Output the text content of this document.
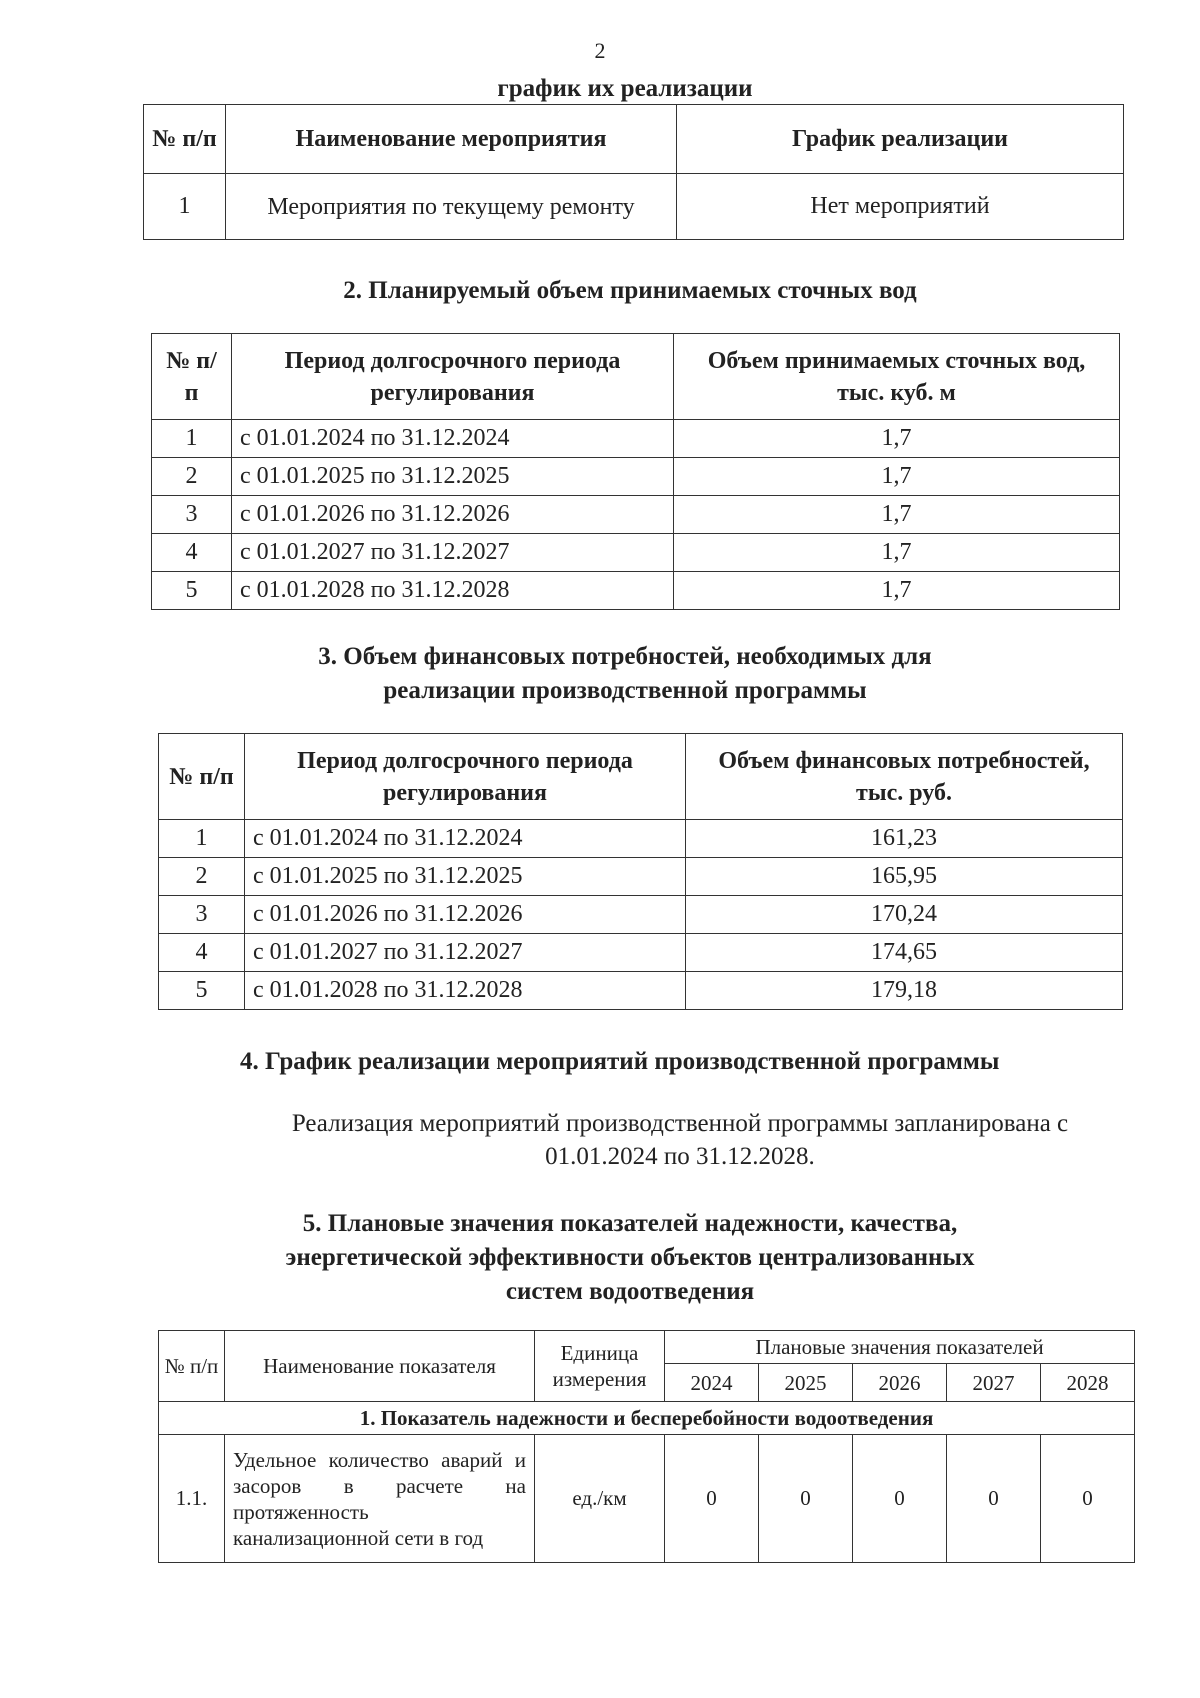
2
график их реализации
№ п/п	Наименование мероприятия	График реализации
1	Мероприятия по текущему ремонту	Нет мероприятий
2. Планируемый объем принимаемых сточных вод
№ п/п	Период долгосрочного периода регулирования	Объем принимаемых сточных вод, тыс. куб. м
1	с 01.01.2024 по 31.12.2024	1,7
2	с 01.01.2025 по 31.12.2025	1,7
3	с 01.01.2026 по 31.12.2026	1,7
4	с 01.01.2027 по 31.12.2027	1,7
5	с 01.01.2028 по 31.12.2028	1,7
3. Объем финансовых потребностей, необходимых для
реализации производственной программы
№ п/п	Период долгосрочного периода регулирования	Объем финансовых потребностей, тыс. руб.
1	с 01.01.2024 по 31.12.2024	161,23
2	с 01.01.2025 по 31.12.2025	165,95
3	с 01.01.2026 по 31.12.2026	170,24
4	с 01.01.2027 по 31.12.2027	174,65
5	с 01.01.2028 по 31.12.2028	179,18
4. График реализации мероприятий производственной программы
Реализация мероприятий производственной программы запланирована с
01.01.2024 по 31.12.2028.
5. Плановые значения показателей надежности, качества,
энергетической эффективности объектов централизованных
систем водоотведения
№ п/п	Наименование показателя	Единица измерения	Плановые значения показателей				
			2024	2025	2026	2027	2028
1. Показатель надежности и бесперебойности водоотведения							
1.1.	Удельное количество аварий и засоров в расчете на протяженность канализационной сети в год	ед./км	0	0	0	0	0
